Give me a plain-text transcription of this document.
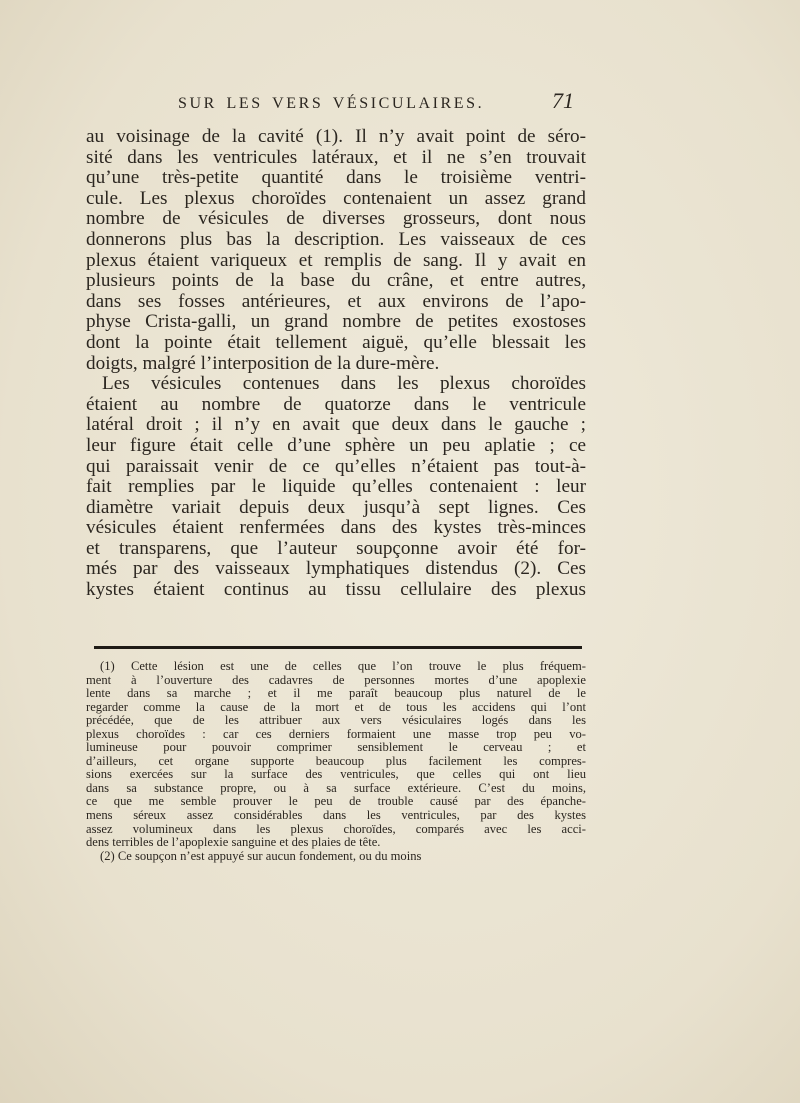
SUR LES VERS VÉSICULAIRES.	71
au voisinage de la cavité (1). Il n’y avait point de séro-
sité dans les ventricules latéraux, et il ne s’en trouvait
qu’une très-petite quantité dans le troisième ventri-
cule. Les plexus choroïdes contenaient un assez grand
nombre de vésicules de diverses grosseurs, dont nous
donnerons plus bas la description. Les vaisseaux de ces
plexus étaient variqueux et remplis de sang. Il y avait en
plusieurs points de la base du crâne, et entre autres,
dans ses fosses antérieures, et aux environs de l’apo-
physe Crista-galli, un grand nombre de petites exostoses
dont la pointe était tellement aiguë, qu’elle blessait les
doigts, malgré l’interposition de la dure-mère.
Les vésicules contenues dans les plexus choroïdes
étaient au nombre de quatorze dans le ventricule
latéral droit ; il n’y en avait que deux dans le gauche ;
leur figure était celle d’une sphère un peu aplatie ; ce
qui paraissait venir de ce qu’elles n’étaient pas tout-à-
fait remplies par le liquide qu’elles contenaient : leur
diamètre variait depuis deux jusqu’à sept lignes. Ces
vésicules étaient renfermées dans des kystes très-minces
et transparens, que l’auteur soupçonne avoir été for-
més par des vaisseaux lymphatiques distendus (2). Ces
kystes étaient continus au tissu cellulaire des plexus
(1) Cette lésion est une de celles que l’on trouve le plus fréquem-
ment à l’ouverture des cadavres de personnes mortes d’une apoplexie
lente dans sa marche ; et il me paraît beaucoup plus naturel de le
regarder comme la cause de la mort et de tous les accidens qui l’ont
précédée, que de les attribuer aux vers vésiculaires logés dans les
plexus choroïdes : car ces derniers formaient une masse trop peu vo-
lumineuse pour pouvoir comprimer sensiblement le cerveau ; et
d’ailleurs, cet organe supporte beaucoup plus facilement les compres-
sions exercées sur la surface des ventricules, que celles qui ont lieu
dans sa substance propre, ou à sa surface extérieure. C’est du moins,
ce que me semble prouver le peu de trouble causé par des épanche-
mens séreux assez considérables dans les ventricules, par des kystes
assez volumineux dans les plexus choroïdes, comparés avec les acci-
dens terribles de l’apoplexie sanguine et des plaies de tête.
(2) Ce soupçon n’est appuyé sur aucun fondement, ou du moins
